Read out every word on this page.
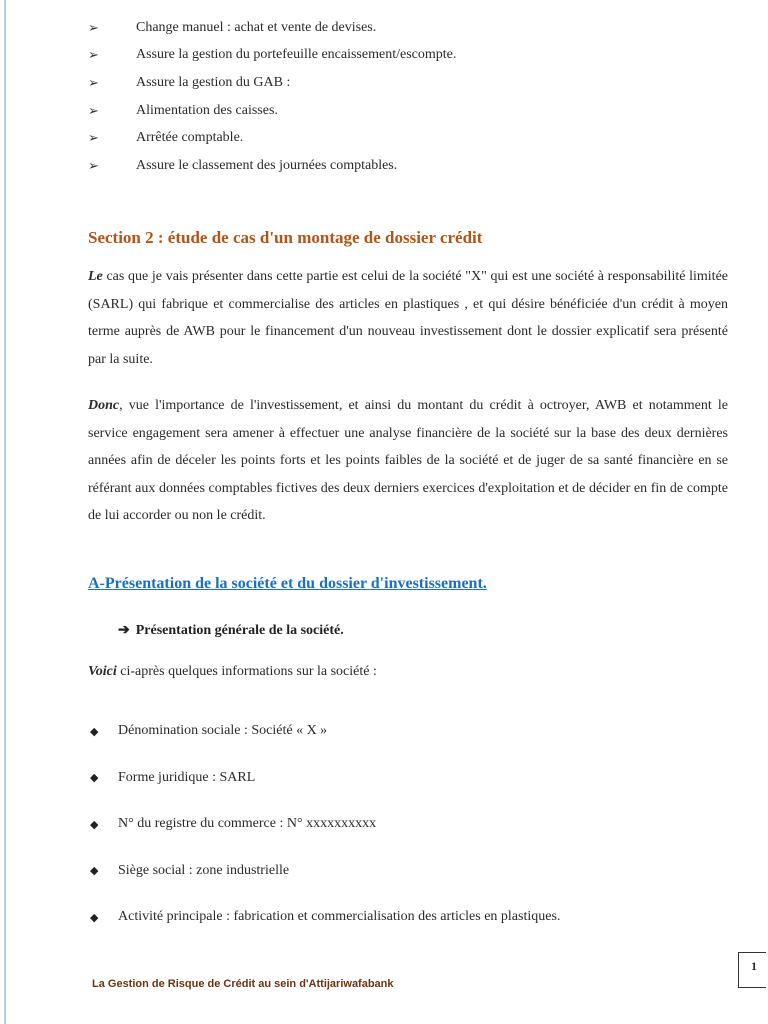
➢	Change manuel : achat et vente de devises.
➢	Assure la gestion du portefeuille encaissement/escompte.
➢	Assure la gestion du GAB :
➢	Alimentation des caisses.
➢	Arrêtée comptable.
➢	Assure le classement des journées comptables.
Section 2 : étude de cas d'un montage de dossier crédit
Le cas que je vais présenter dans cette partie est celui de la société "X" qui est une société à responsabilité limitée (SARL) qui fabrique et commercialise des articles en plastiques , et qui désire bénéficiée d'un crédit à moyen terme auprès de AWB pour le financement d'un nouveau investissement dont le dossier explicatif sera présenté par la suite.
Donc, vue l'importance de l'investissement, et ainsi du montant du crédit à octroyer, AWB et notamment le service engagement sera amener à effectuer une analyse financière de la société sur la base des deux dernières années afin de déceler les points forts et les points faibles de la société et de juger de sa santé financière en se référant aux données comptables fictives des deux derniers exercices d'exploitation et de décider en fin de compte de lui accorder ou non le crédit.
A-Présentation de la société et du dossier d'investissement.
➔ Présentation générale de la société.
Voici ci-après quelques informations sur la société :
◆	Dénomination sociale : Société « X »
◆	Forme juridique : SARL
◆	N° du registre du commerce : N° xxxxxxxxxx
◆	Siège social : zone industrielle
◆	Activité principale : fabrication et commercialisation des articles en plastiques.
La Gestion de Risque de Crédit au sein d'Attijariwafabank
1
